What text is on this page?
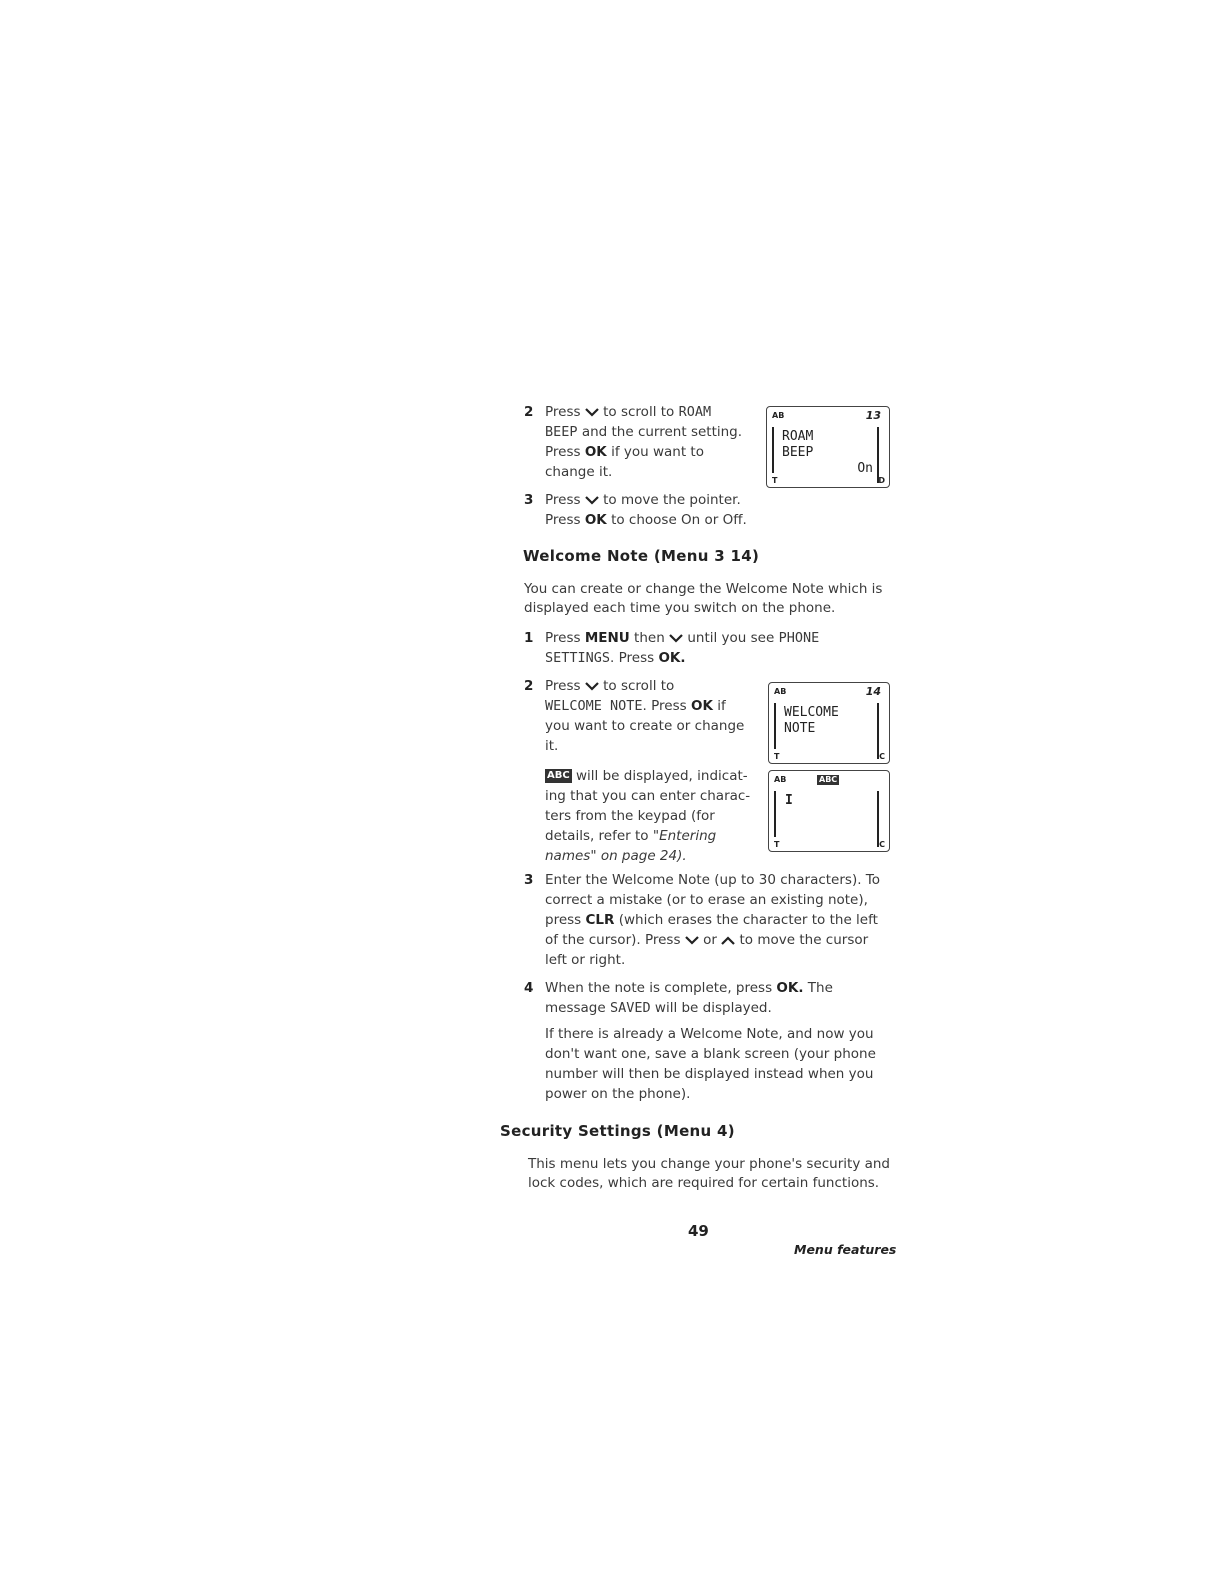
2 Press to scroll to ROAM
BEEP and the current setting.
Press OK if you want to
change it.
AB	13
ROAM
BEEP
On
T	D
3 Press to move the pointer.
Press OK to choose On or Off.
Welcome Note (Menu 3 14)
You can create or change the Welcome Note which is
displayed each time you switch on the phone.
1 Press MENU then until you see PHONE
SETTINGS. Press OK.
2 Press to scroll to
WELCOME NOTE. Press OK if
you want to create or change
it.
ABC will be displayed, indicat-
ing that you can enter charac-
ters from the keypad (for
details, refer to "Entering
names" on page 24).
AB	14
WELCOME
NOTE
T	C
AB	ABC
I
T	C
3 Enter the Welcome Note (up to 30 characters). To
correct a mistake (or to erase an existing note),
press CLR (which erases the character to the left
of the cursor). Press or to move the cursor
left or right.
4 When the note is complete, press OK. The
message SAVED will be displayed.
If there is already a Welcome Note, and now you
don't want one, save a blank screen (your phone
number will then be displayed instead when you
power on the phone).
Security Settings (Menu 4)
This menu lets you change your phone's security and
lock codes, which are required for certain functions.
49
Menu features
